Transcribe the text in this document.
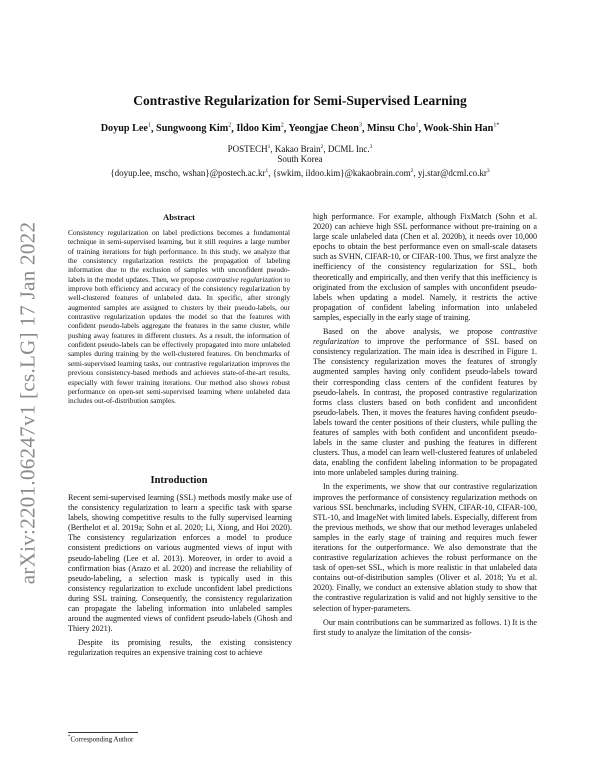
arXiv:2201.06247v1 [cs.LG] 17 Jan 2022
Contrastive Regularization for Semi-Supervised Learning
Doyup Lee$^1$, Sungwoong Kim$^2$, Ildoo Kim$^2$, Yeongjae Cheon$^3$, Minsu Cho$^1$, Wook-Shin Han$^{1*}$
POSTECH$^1$, Kakao Brain$^2$, DCML Inc.$^3$
South Korea
{doyup.lee, mscho, $wshan\}@postech.ac.kr^1$, {swkim, ildoo.kim}@kakaobrain.com$^2$, $yj.star@dcml.co.kr^3$
Abstract

Consistency regularization on label predictions becomes a fundamental technique in semi-supervised learning, but it still requires a large number of training iterations for high performance. In this study, we analyze that the consistency regularization restricts the propagation of labeling information due to the exclusion of samples with unconfident pseudo-labels in the model updates. Then, we propose contrastive regularization to improve both efficiency and accuracy of the consistency regularization by well-clustered features of unlabeled data. In specific, after strongly augmented samples are assigned to clusters by their pseudo-labels, our contrastive regularization updates the model so that the features with confident pseudo-labels aggregate the features in the same cluster, while pushing away features in different clusters. As a result, the information of confident pseudo-labels can be effectively propagated into more unlabeled samples during training by the well-clustered features. On benchmarks of semi-supervised learning tasks, our contrastive regularization improves the previous consistency-based methods and achieves state-of-the-art results, especially with fewer training iterations. Our method also shows robust performance on open-set semi-supervised learning where unlabeled data includes out-of-distribution samples.

Introduction

Recent semi-supervised learning (SSL) methods mostly make use of the consistency regularization to learn a specific task with sparse labels, showing competitive results to the fully supervised learning (Berthelot et al. 2019a; Sohn et al. 2020; Li, Xiong, and Hoi 2020). The consistency regularization enforces a model to produce consistent predictions on various augmented views of input with pseudo-labeling (Lee et al. 2013). Moreover, in order to avoid a confirmation bias (Arazo et al. 2020) and increase the reliability of pseudo-labeling, a selection mask is typically used in this consistency regularization to exclude unconfident label predictions during SSL training. Consequently, the consistency regularization can propagate the labeling information into unlabeled samples around the augmented views of confident pseudo-labels (Ghosh and Thiery 2021).

Despite its promising results, the existing consistency regularization requires an expensive training cost to achieve

high performance. For example, although FixMatch (Sohn et al. 2020) can achieve high SSL performance without pre-training on a large scale unlabeled data (Chen et al. 2020b), it needs over 10,000 epochs to obtain the best performance even on small-scale datasets such as SVHN, CIFAR-10, or CIFAR-100. Thus, we first analyze the inefficiency of the consistency regularization for SSL, both theoretically and empirically, and then verify that this inefficiency is originated from the exclusion of samples with unconfident pseudo-labels when updating a model. Namely, it restricts the active propagation of confident labeling information into unlabeled samples, especially in the early stage of training.

Based on the above analysis, we propose contrastive regularization to improve the performance of SSL based on consistency regularization. The main idea is described in Figure 1. The consistency regularization moves the features of strongly augmented samples having only confident pseudo-labels toward their corresponding class centers of the confident features by pseudo-labels. In contrast, the proposed contrastive regularization forms class clusters based on both confident and unconfident pseudo-labels. Then, it moves the features having confident pseudo-labels toward the center positions of their clusters, while pulling the features of samples with both confident and unconfident pseudo-labels in the same cluster and pushing the features in different clusters. Thus, a model can learn well-clustered features of unlabeled data, enabling the confident labeling information to be propagated into more unlabeled samples during training.

In the experiments, we show that our contrastive regularization improves the performance of consistency regularization methods on various SSL benchmarks, including SVHN, CIFAR-10, CIFAR-100, STL-10, and ImageNet with limited labels. Especially, different from the previous methods, we show that our method leverages unlabeled samples in the early stage of training and requires much fewer iterations for the outperformance. We also demonstrate that the contrastive regularization achieves the robust performance on the task of open-set SSL, which is more realistic in that unlabeled data contains out-of-distribution samples (Oliver et al. 2018; Yu et al. 2020). Finally, we conduct an extensive ablation study to show that the contrastive regularization is valid and not highly sensitive to the selection of hyper-parameters.

Our main contributions can be summarized as follows. 1) It is the first study to analyze the limitation of the consis-

*Corresponding Author
